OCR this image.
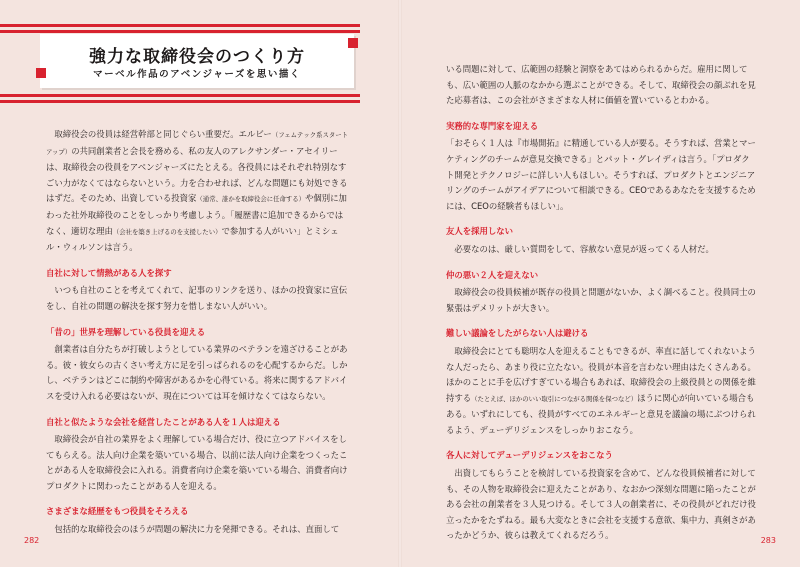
強力な取締役会のつくり方
マーベル作品のアベンジャーズを思い描く

取締役会の役員は経営幹部と同じぐらい重要だ。エルビー（フェムテック系スタートアップ）の共同創業者と会長を務める、私の友人のアレクサンダー・アセイリーは、取締役会の役員をアベンジャーズにたとえる。各役員にはそれぞれ特別なすごい力がなくてはならないという。力を合わせれば、どんな問題にも対処できるはずだ。そのため、出資している投資家（通常、誰かを取締役会に任命する）や個別に加わった社外取締役のことをしっかり考慮しよう。「履歴書に追加できるからではなく、適切な理由（会社を築き上げるのを支援したい）で参加する人がいい」とミシェル・ウィルソンは言う。

自社に対して情熱がある人を探す

いつも自社のことを考えてくれて、記事のリンクを送り、ほかの投資家に宣伝をし、自社の問題の解決を探す努力を惜しまない人がいい。

「昔の」世界を理解している役員を迎える

創業者は自分たちが打破しようとしている業界のベテランを遠ざけることがある。彼・彼女らの古くさい考え方に足を引っぱられるのを心配するからだ。しかし、ベテランはどこに制約や障害があるかを心得ている。将来に関するアドバイスを受け入れる必要はないが、現在については耳を傾けなくてはならない。

自社と似たような会社を経営したことがある人を１人は迎える

取締役会が自社の業界をよく理解している場合だけ、役に立つアドバイスをしてもらえる。法人向け企業を築いている場合、以前に法人向け企業をつくったことがある人を取締役会に入れる。消費者向け企業を築いている場合、消費者向けプロダクトに関わったことがある人を迎える。

さまざまな経歴をもつ役員をそろえる

包括的な取締役会のほうが問題の解決に力を発揮できる。それは、直面して

282

いる問題に対して、広範囲の経験と洞察をあてはめられるからだ。雇用に関しても、広い範囲の人脈のなかから選ぶことができる。そして、取締役会の顔ぶれを見た応募者は、この会社がさまざまな人材に価値を置いているとわかる。

実務的な専門家を迎える

「おそらく１人は『市場開拓』に精通している人が要る。そうすれば、営業とマーケティングのチームが意見交換できる」とパット・グレイディは言う。「プロダクト開発とテクノロジーに詳しい人もほしい。そうすれば、プロダクトとエンジニアリングのチームがアイデアについて相談できる。CEOであるあなたを支援するためには、CEOの経験者もほしい」。

友人を採用しない

必要なのは、厳しい質問をして、容赦ない意見が返ってくる人材だ。

仲の悪い２人を迎えない

取締役会の役員候補が既存の役員と問題がないか、よく調べること。役員同士の緊張はデメリットが大きい。

難しい議論をしたがらない人は避ける

取締役会にとても聡明な人を迎えることもできるが、率直に話してくれないような人だったら、あまり役に立たない。役員が本音を言わない理由はたくさんある。ほかのことに手を広げすぎている場合もあれば、取締役会の上級役員との関係を維持する（たとえば、ほかのいい取引につながる関係を保つなど）ほうに関心が向いている場合もある。いずれにしても、役員がすべてのエネルギーと意見を議論の場にぶつけられるよう、デューデリジェンスをしっかりおこなう。

各人に対してデューデリジェンスをおこなう

出資してもらうことを検討している投資家を含めて、どんな役員候補者に対しても、その人物を取締役会に迎えたことがあり、なおかつ深刻な問題に陥ったことがある会社の創業者を３人見つける。そして３人の創業者に、その役員がどれだけ役立ったかをたずねる。最も大変なときに会社を支援する意欲、集中力、真剣さがあったかどうか、彼らは教えてくれるだろう。

283
